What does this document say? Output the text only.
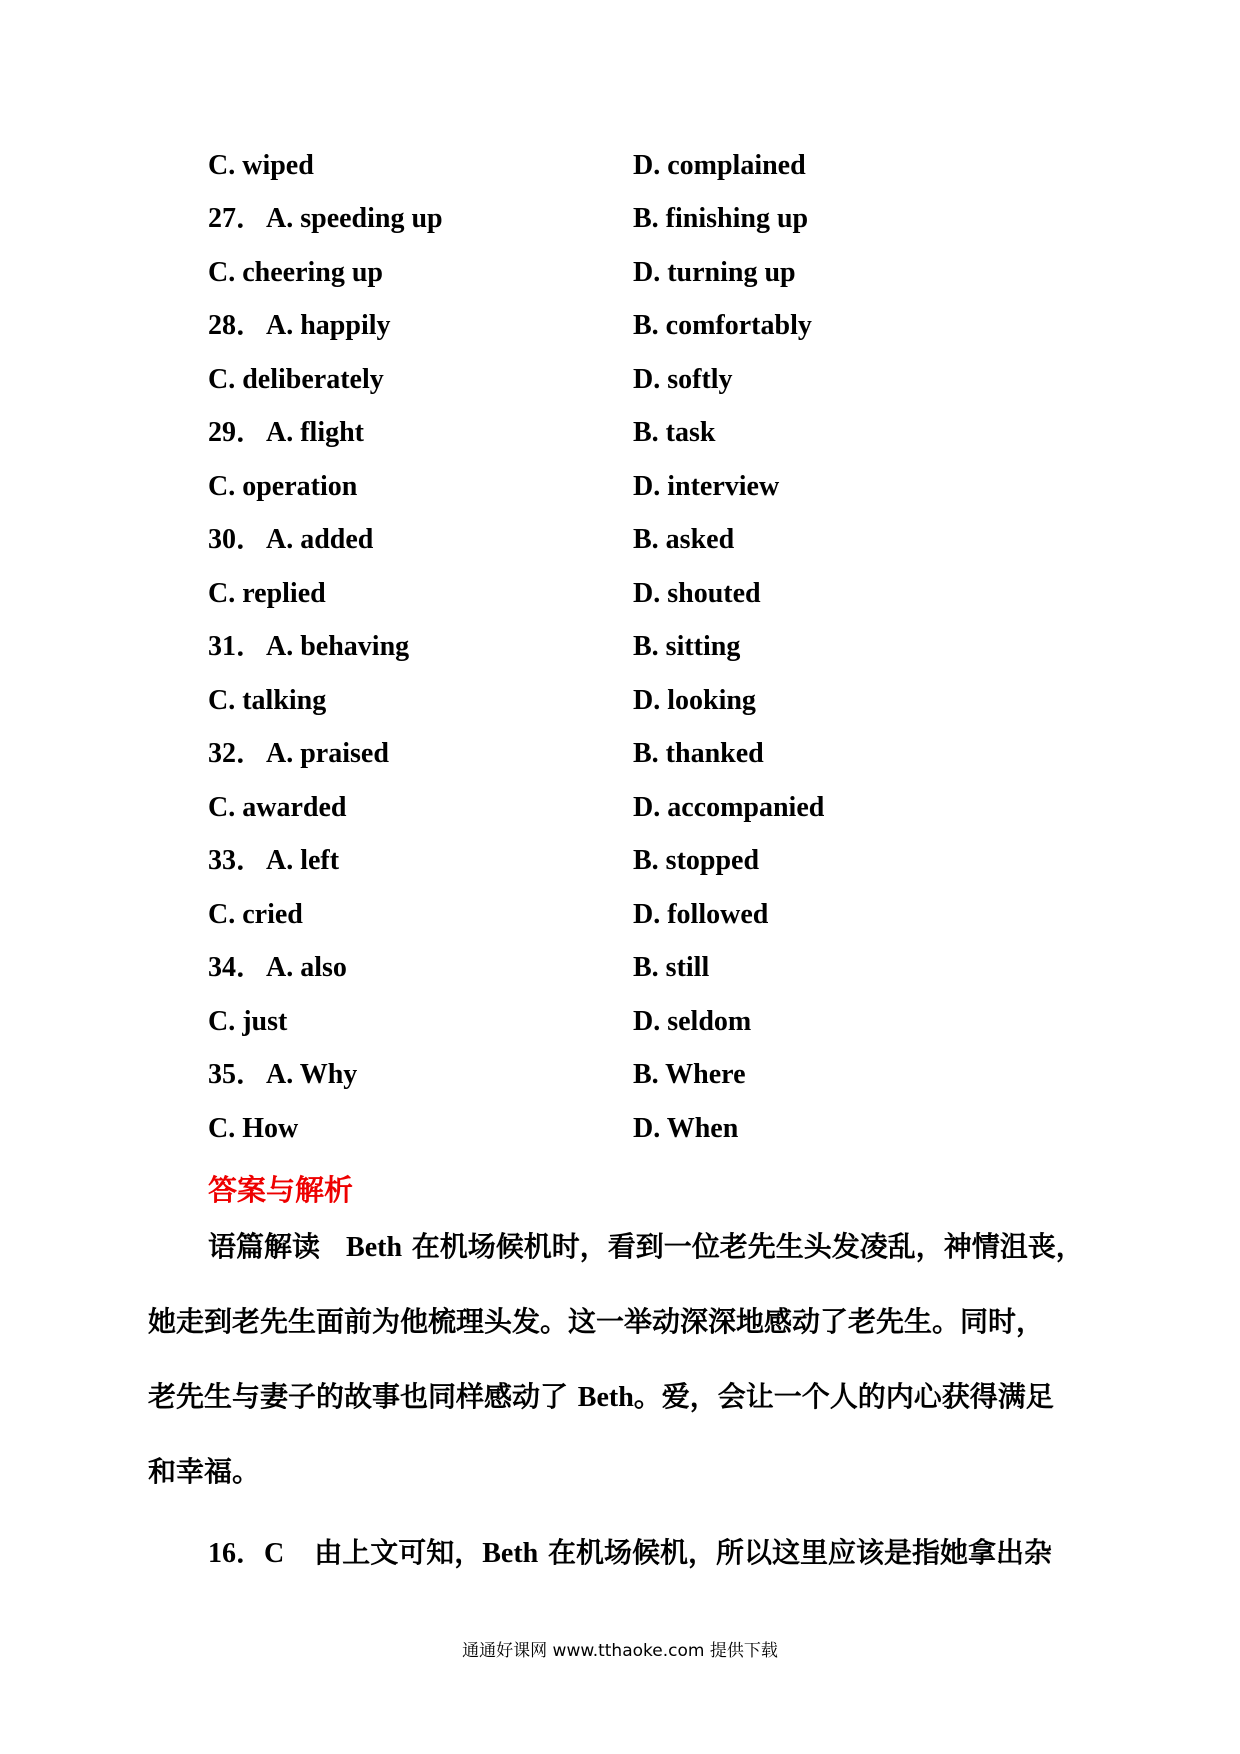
C. wiped	D. complained
27． A. speeding up	B. finishing up
C. cheering up	D. turning up
28． A. happily	B. comfortably
C. deliberately	D. softly
29． A. flight	B. task
C. operation	D. interview
30． A. added	B. asked
C. replied	D. shouted
31． A. behaving	B. sitting
C. talking	D. looking
32． A. praised	B. thanked
C. awarded	D. accompanied
33． A. left	B. stopped
C. cried	D. followed
34． A. also	B. still
C. just	D. seldom
35． A. Why	B. Where
C. How	D. When
答案与解析
语篇解读 Beth 在机场候机时，看到一位老先生头发凌乱，神情沮丧，
她走到老先生面前为他梳理头发。这一举动深深地感动了老先生。同时，
老先生与妻子的故事也同样感动了 Beth。爱，会让一个人的内心获得满足
和幸福。
16．C 由上文可知，Beth 在机场候机，所以这里应该是指她拿出杂
通通好课网 www.tthaoke.com 提供下载
